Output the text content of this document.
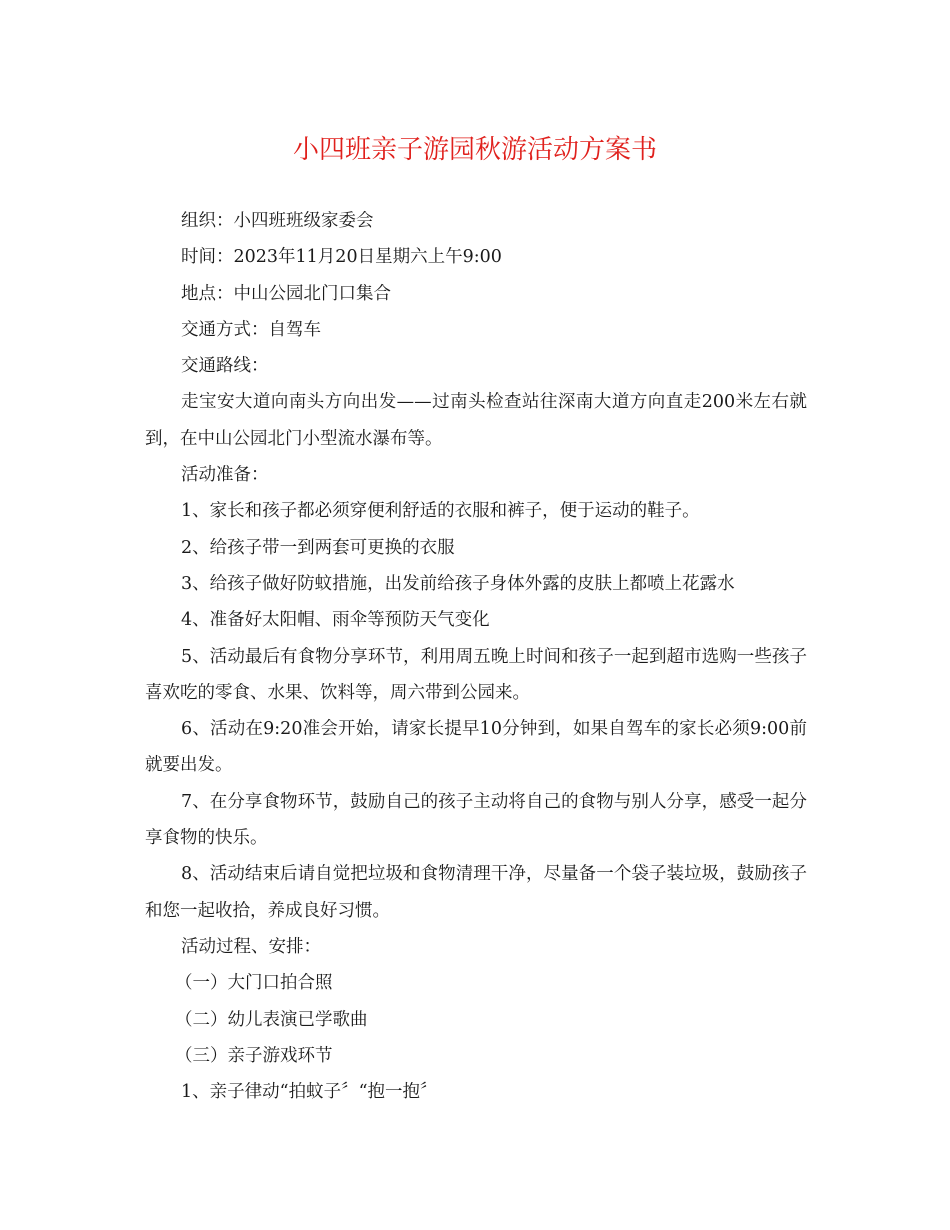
小四班亲子游园秋游活动方案书

组织：小四班班级家委会

时间：2023年11月20日星期六上午9:00

地点：中山公园北门口集合

交通方式：自驾车

交通路线：

走宝安大道向南头方向出发——过南头检查站往深南大道方向直走200米左右就到，在中山公园北门小型流水瀑布等。

活动准备：

1、家长和孩子都必须穿便利舒适的衣服和裤子，便于运动的鞋子。

2、给孩子带一到两套可更换的衣服

3、给孩子做好防蚊措施，出发前给孩子身体外露的皮肤上都喷上花露水

4、准备好太阳帽、雨伞等预防天气变化

5、活动最后有食物分享环节，利用周五晚上时间和孩子一起到超市选购一些孩子喜欢吃的零食、水果、饮料等，周六带到公园来。

6、活动在9:20准会开始，请家长提早10分钟到，如果自驾车的家长必须9:00前就要出发。

7、在分享食物环节，鼓励自己的孩子主动将自己的食物与别人分享，感受一起分享食物的快乐。

8、活动结束后请自觉把垃圾和食物清理干净，尽量备一个袋子装垃圾，鼓励孩子和您一起收拾，养成良好习惯。

活动过程、安排：

（一）大门口拍合照

（二）幼儿表演已学歌曲

（三）亲子游戏环节

1、亲子律动“拍蚊子〞“抱一抱〞
